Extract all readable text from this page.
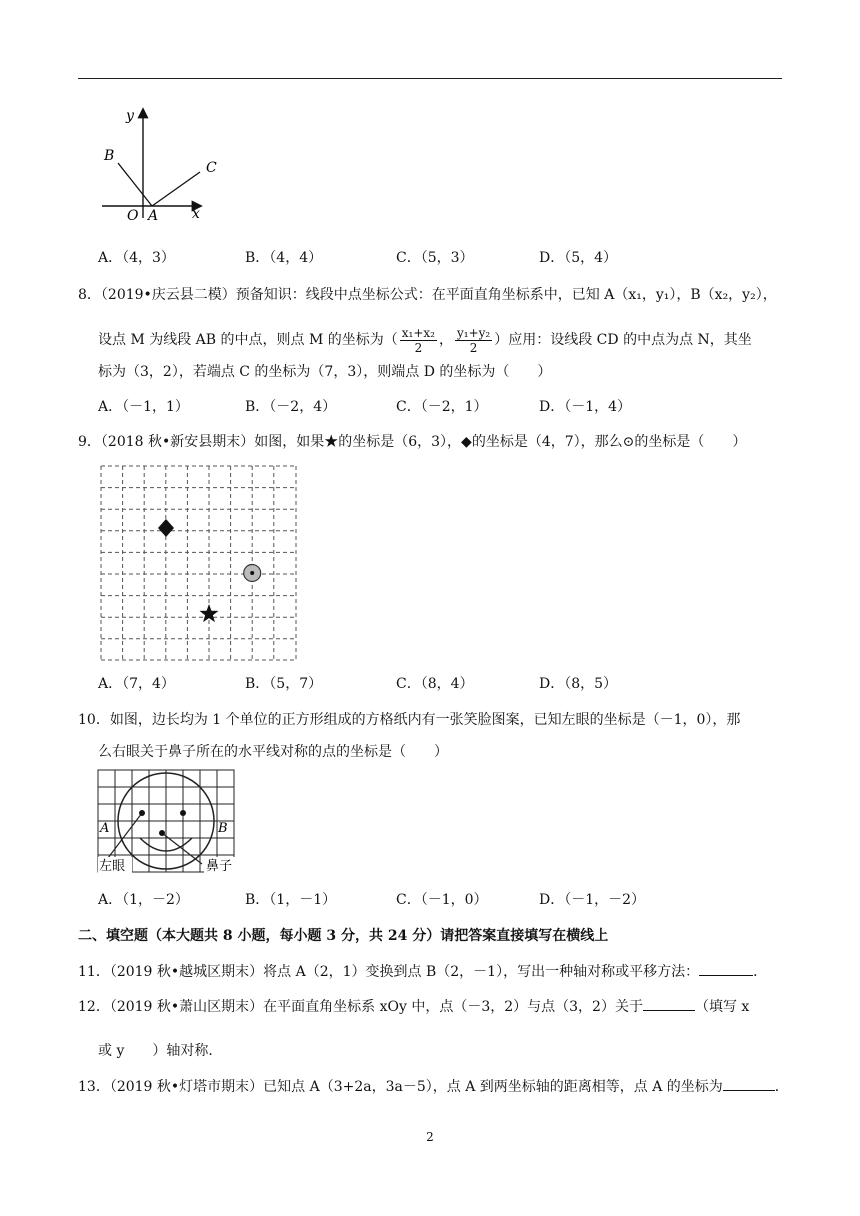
y
B
C
O A x
A．（4，3）	B．（4，4）	C．（5，3）	D．（5，4）
8．（2019•庆云县二模）预备知识：线段中点坐标公式：在平面直角坐标系中，已知 A（x₁，y₁），B（x₂，y₂），
设点 M 为线段 AB 的中点，则点 M 的坐标为（ $\frac{\text{x₁+x₂}}{2}$ ， $\frac{\text{y₁+y₂}}{2}$ ）应用：设线段 CD 的中点为点 N，其坐
标为（3，2），若端点 C 的坐标为（7，3），则端点 D 的坐标为（　　）
A．（－1，1）	B．（－2，4）	C．（－2，1）	D．（－1，4）
9．（2018 秋•新安县期末）如图，如果★的坐标是（6，3），◆的坐标是（4，7），那么⊙的坐标是（　　）
A．（7，4）	B．（5，7）	C．（8，4）	D．（8，5）
10．如图，边长均为 1 个单位的正方形组成的方格纸内有一张笑脸图案，已知左眼的坐标是（－1，0），那
么右眼关于鼻子所在的水平线对称的点的坐标是（　　）
A	B
左眼	鼻子
A．（1，－2）	B．（1，－1）	C．（－1，0）	D．（－1，－2）
二、填空题（本大题共 8 小题，每小题 3 分，共 24 分）请把答案直接填写在横线上
11．（2019 秋•越城区期末）将点 A（2，1）变换到点 B（2，－1），写出一种轴对称或平移方法：	．
12．（2019 秋•萧山区期末）在平面直角坐标系 xOy 中，点（－3，2）与点（3，2）关于	（填写 x
或 y　　）轴对称．
13．（2019 秋•灯塔市期末）已知点 A（3+2a，3a－5），点 A 到两坐标轴的距离相等，点 A 的坐标为	．
2
